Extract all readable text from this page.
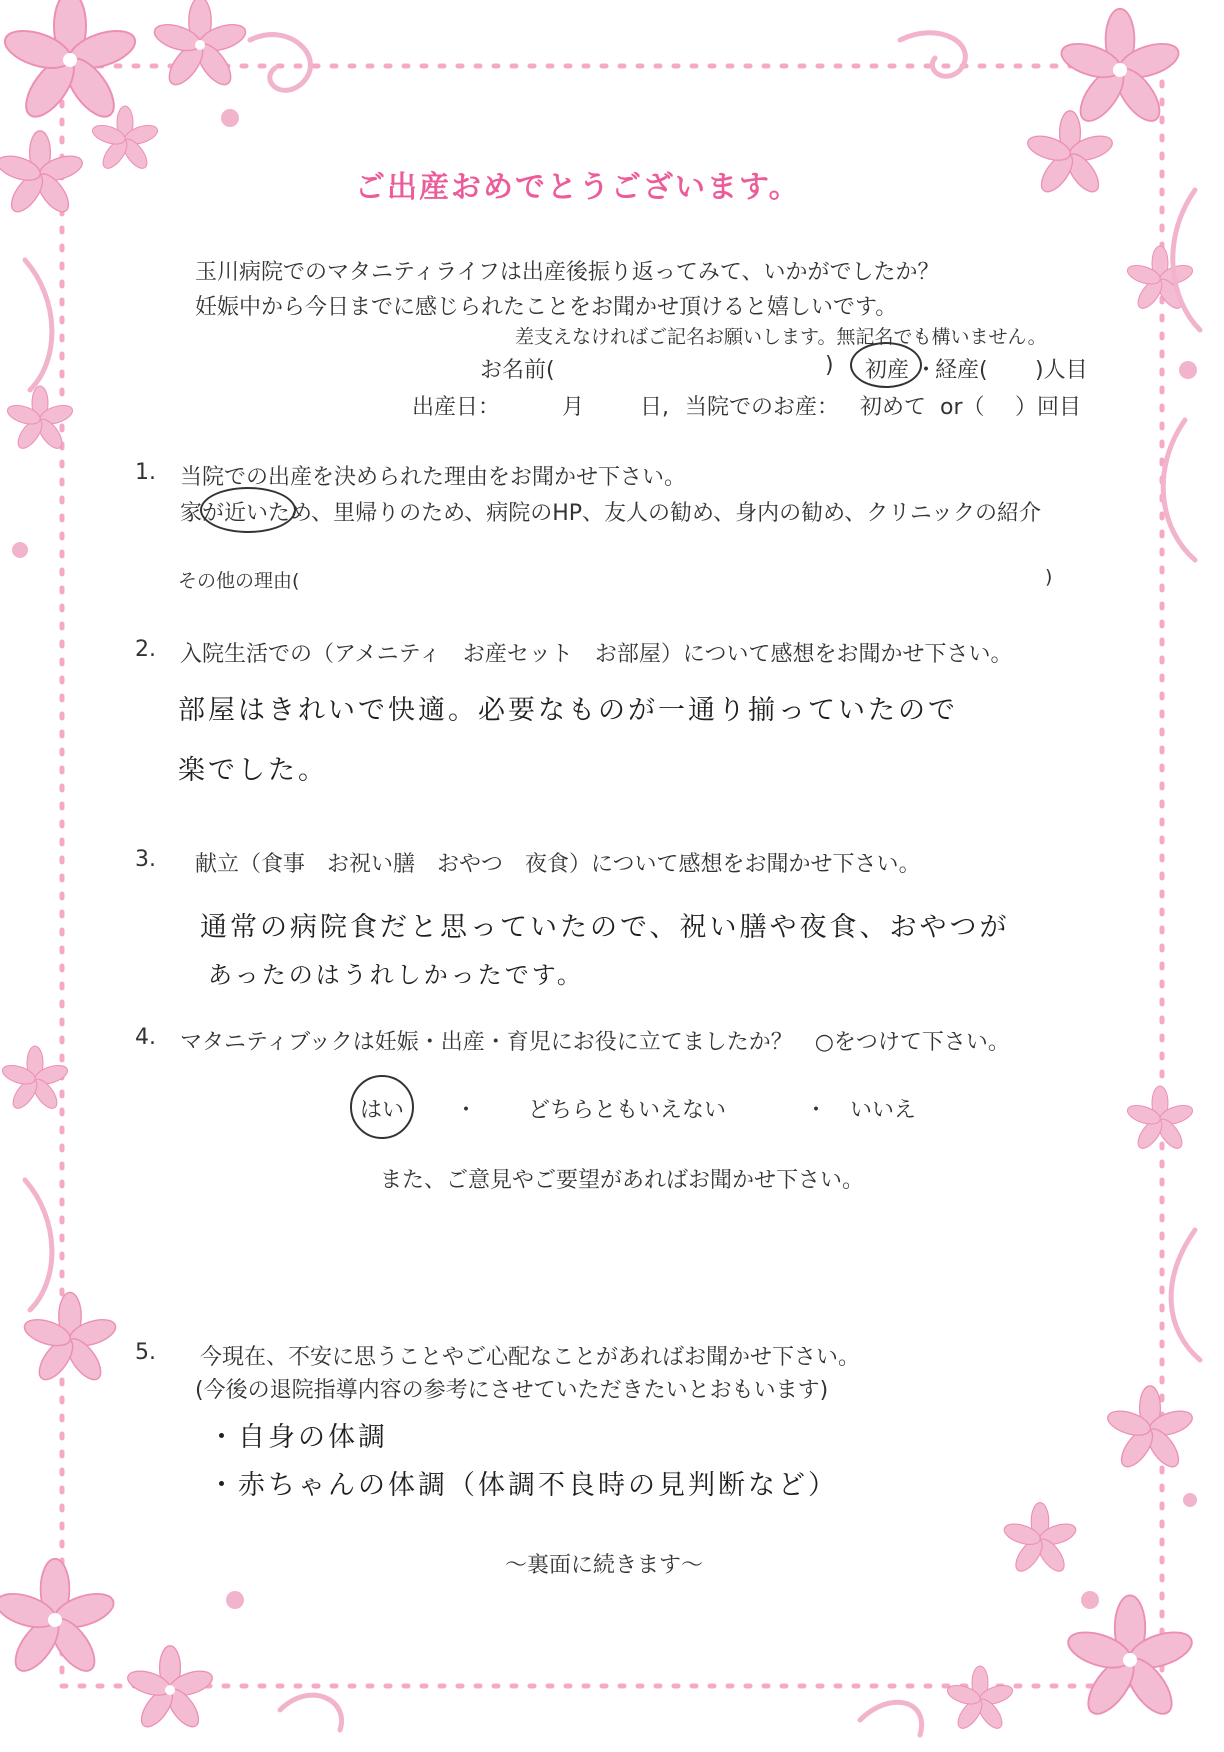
ご出産おめでとうございます。
玉川病院でのマタニティライフは出産後振り返ってみて、いかがでしたか？
妊娠中から今日までに感じられたことをお聞かせ頂けると嬉しいです。
差支えなければご記名お願いします。無記名でも構いません。
お名前(	) 初産 ・
経産( )人目
出産日：	月	日, 当院でのお産： 初めて or（ ）回目
1. 当院での出産を決められた理由をお聞かせ下さい。
家が近いため、里帰りのため、病院のHP、友人の勧め、身内の勧め、クリニックの紹介
その他の理由(	)
2. 入院生活での（アメニティ　お産セット　お部屋）について感想をお聞かせ下さい。
部屋はきれいで快適。必要なものが一通り揃っていたので
楽でした。
3. 献立（食事　お祝い膳　おやつ　夜食）について感想をお聞かせ下さい。
通常の病院食だと思っていたので、祝い膳や夜食、おやつが
あったのはうれしかったです。
4. マタニティブックは妊娠・出産・育児にお役に立てましたか？　○をつけて下さい。
はい ・ どちらともいえない	・ いいえ
また、ご意見やご要望があればお聞かせ下さい。
5. 今現在、不安に思うことやご心配なことがあればお聞かせ下さい。
(今後の退院指導内容の参考にさせていただきたいとおもいます)
・自身の体調
・赤ちゃんの体調（体調不良時の見判断など）
～裏面に続きます～
